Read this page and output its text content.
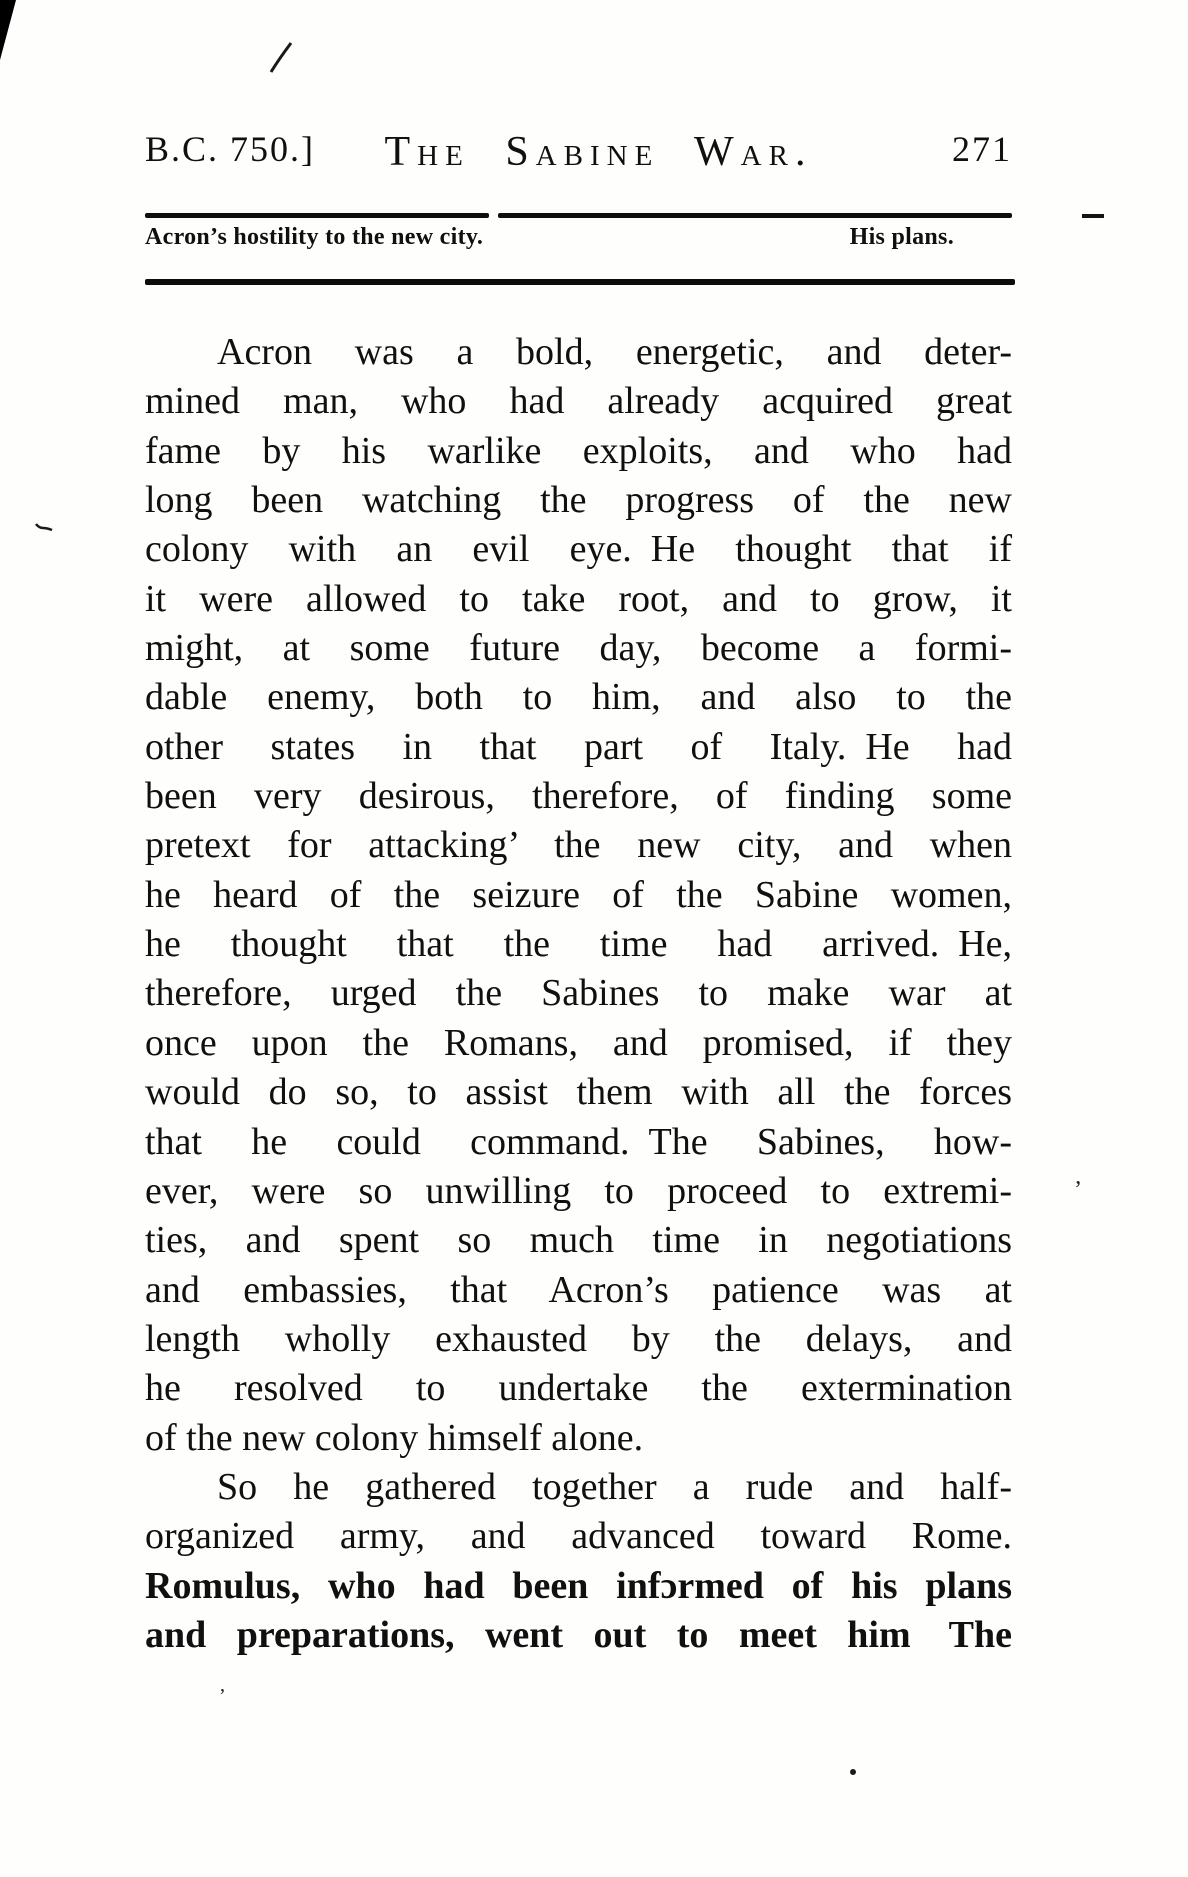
’
’
B.C. 750.]	The Sabine War.	271
Acron’s hostility to the new city.	His plans.
Acron was a bold, energetic, and deter-
mined man, who had already acquired great
fame by his warlike exploits, and who had
long been watching the progress of the new
colony with an evil eye. He thought that if
it were allowed to take root, and to grow, it
might, at some future day, become a formi-
dable enemy, both to him, and also to the
other states in that part of Italy. He had
been very desirous, therefore, of finding some
pretext for attacking’ the new city, and when
he heard of the seizure of the Sabine women,
he thought that the time had arrived. He,
therefore, urged the Sabines to make war at
once upon the Romans, and promised, if they
would do so, to assist them with all the forces
that he could command. The Sabines, how-
ever, were so unwilling to proceed to extremi-
ties, and spent so much time in negotiations
and embassies, that Acron’s patience was at
length wholly exhausted by the delays, and
he resolved to undertake the extermination
of the new colony himself alone.
So he gathered together a rude and half-
organized army, and advanced toward Rome.
Romulus, who had been infɔrmed of his plans
and preparations, went out to meet him The
